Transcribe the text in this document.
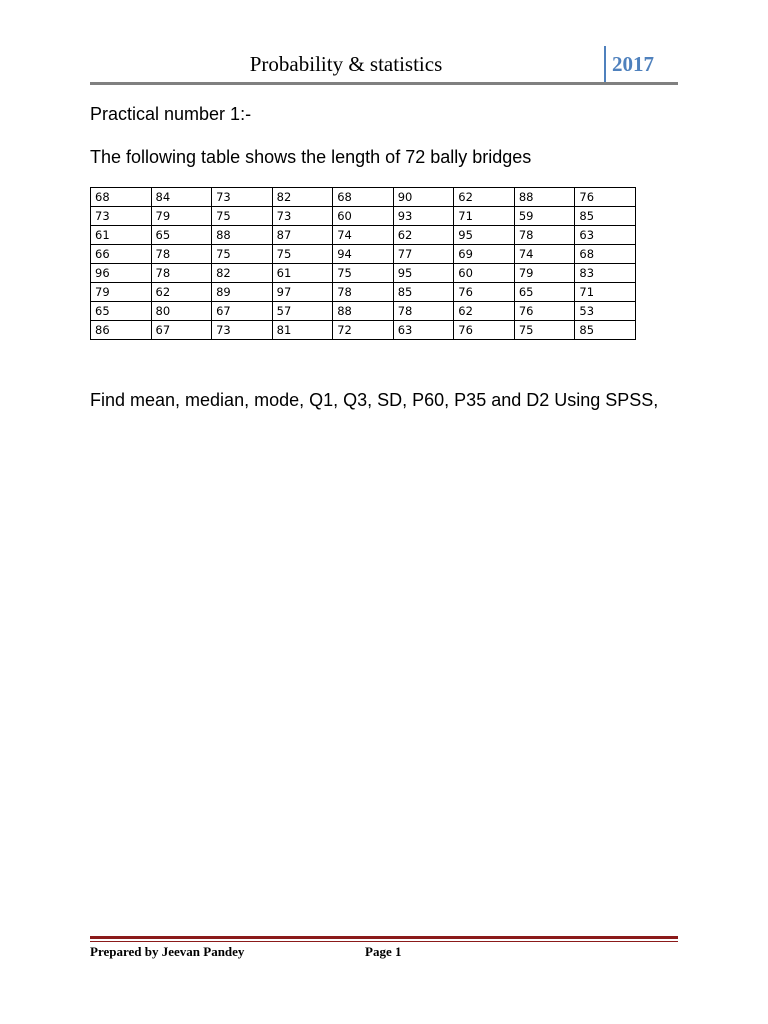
Probability & statistics	2017
Practical number 1:-
The following table shows the length of 72 bally bridges
68	84	73	82	68	90	62	88	76
73	79	75	73	60	93	71	59	85
61	65	88	87	74	62	95	78	63
66	78	75	75	94	77	69	74	68
96	78	82	61	75	95	60	79	83
79	62	89	97	78	85	76	65	71
65	80	67	57	88	78	62	76	53
86	67	73	81	72	63	76	75	85
Find mean, median, mode, Q1, Q3, SD, P60, P35 and D2 Using SPSS,
Prepared by Jeevan Pandey	Page 1
